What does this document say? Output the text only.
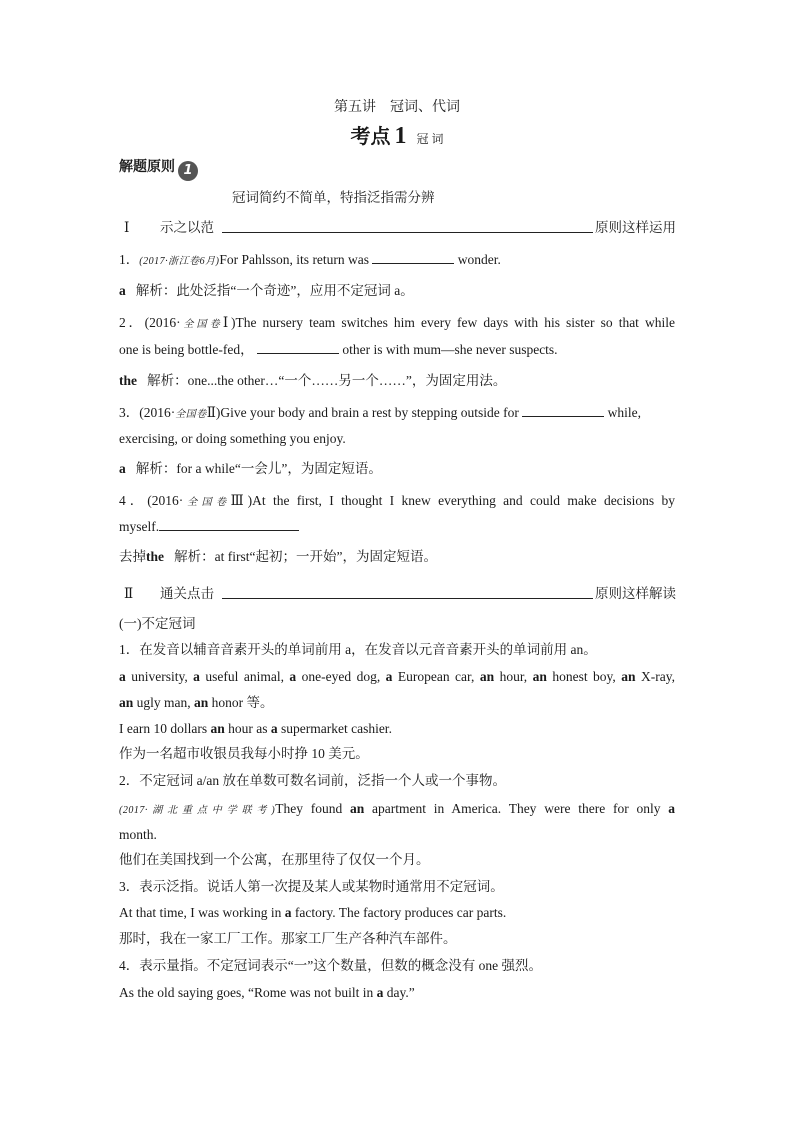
第五讲　冠词、代词
考点 1 冠 词
解题原则 1
冠词简约不简单，特指泛指需分辨
Ⅰ	示之以范	原则这样运用
1．(2017·浙江卷6月)For Pahlsson, its return was	wonder.
a 解析：此处泛指“一个奇迹”，应用不定冠词 a。
2．(2016·全国卷Ⅰ)The nursery team switches him every few days with his sister so that while
one is being bottle-fed，	other is with mum—she never suspects.
the 解析：one...the other…“一个……另一个……”，为固定用法。
3．(2016·全国卷Ⅱ)Give your body and brain a rest by stepping outside for	while,
exercising, or doing something you enjoy.
a 解析：for a while“一会儿”，为固定短语。
4．(2016·全国卷Ⅲ)At the first, I thought I knew everything and could make decisions by
myself.
去掉the 解析：at first“起初；一开始”，为固定短语。
Ⅱ	通关点击	原则这样解读
(一)不定冠词
1．在发音以辅音音素开头的单词前用 a，在发音以元音音素开头的单词前用 an。
a university, a useful animal, a one-eyed dog, a European car, an hour, an honest boy, an X-ray,
an ugly man, an honor 等。
I earn 10 dollars an hour as a supermarket cashier.
作为一名超市收银员我每小时挣 10 美元。
2．不定冠词 a/an 放在单数可数名词前，泛指一个人或一个事物。
(2017·湖北重点中学联考)They found an apartment in America. They were there for only a
month.
他们在美国找到一个公寓，在那里待了仅仅一个月。
3．表示泛指。说话人第一次提及某人或某物时通常用不定冠词。
At that time, I was working in a factory. The factory produces car parts.
那时，我在一家工厂工作。那家工厂生产各种汽车部件。
4．表示量指。不定冠词表示“一”这个数量，但数的概念没有 one 强烈。
As the old saying goes, “Rome was not built in a day.”
